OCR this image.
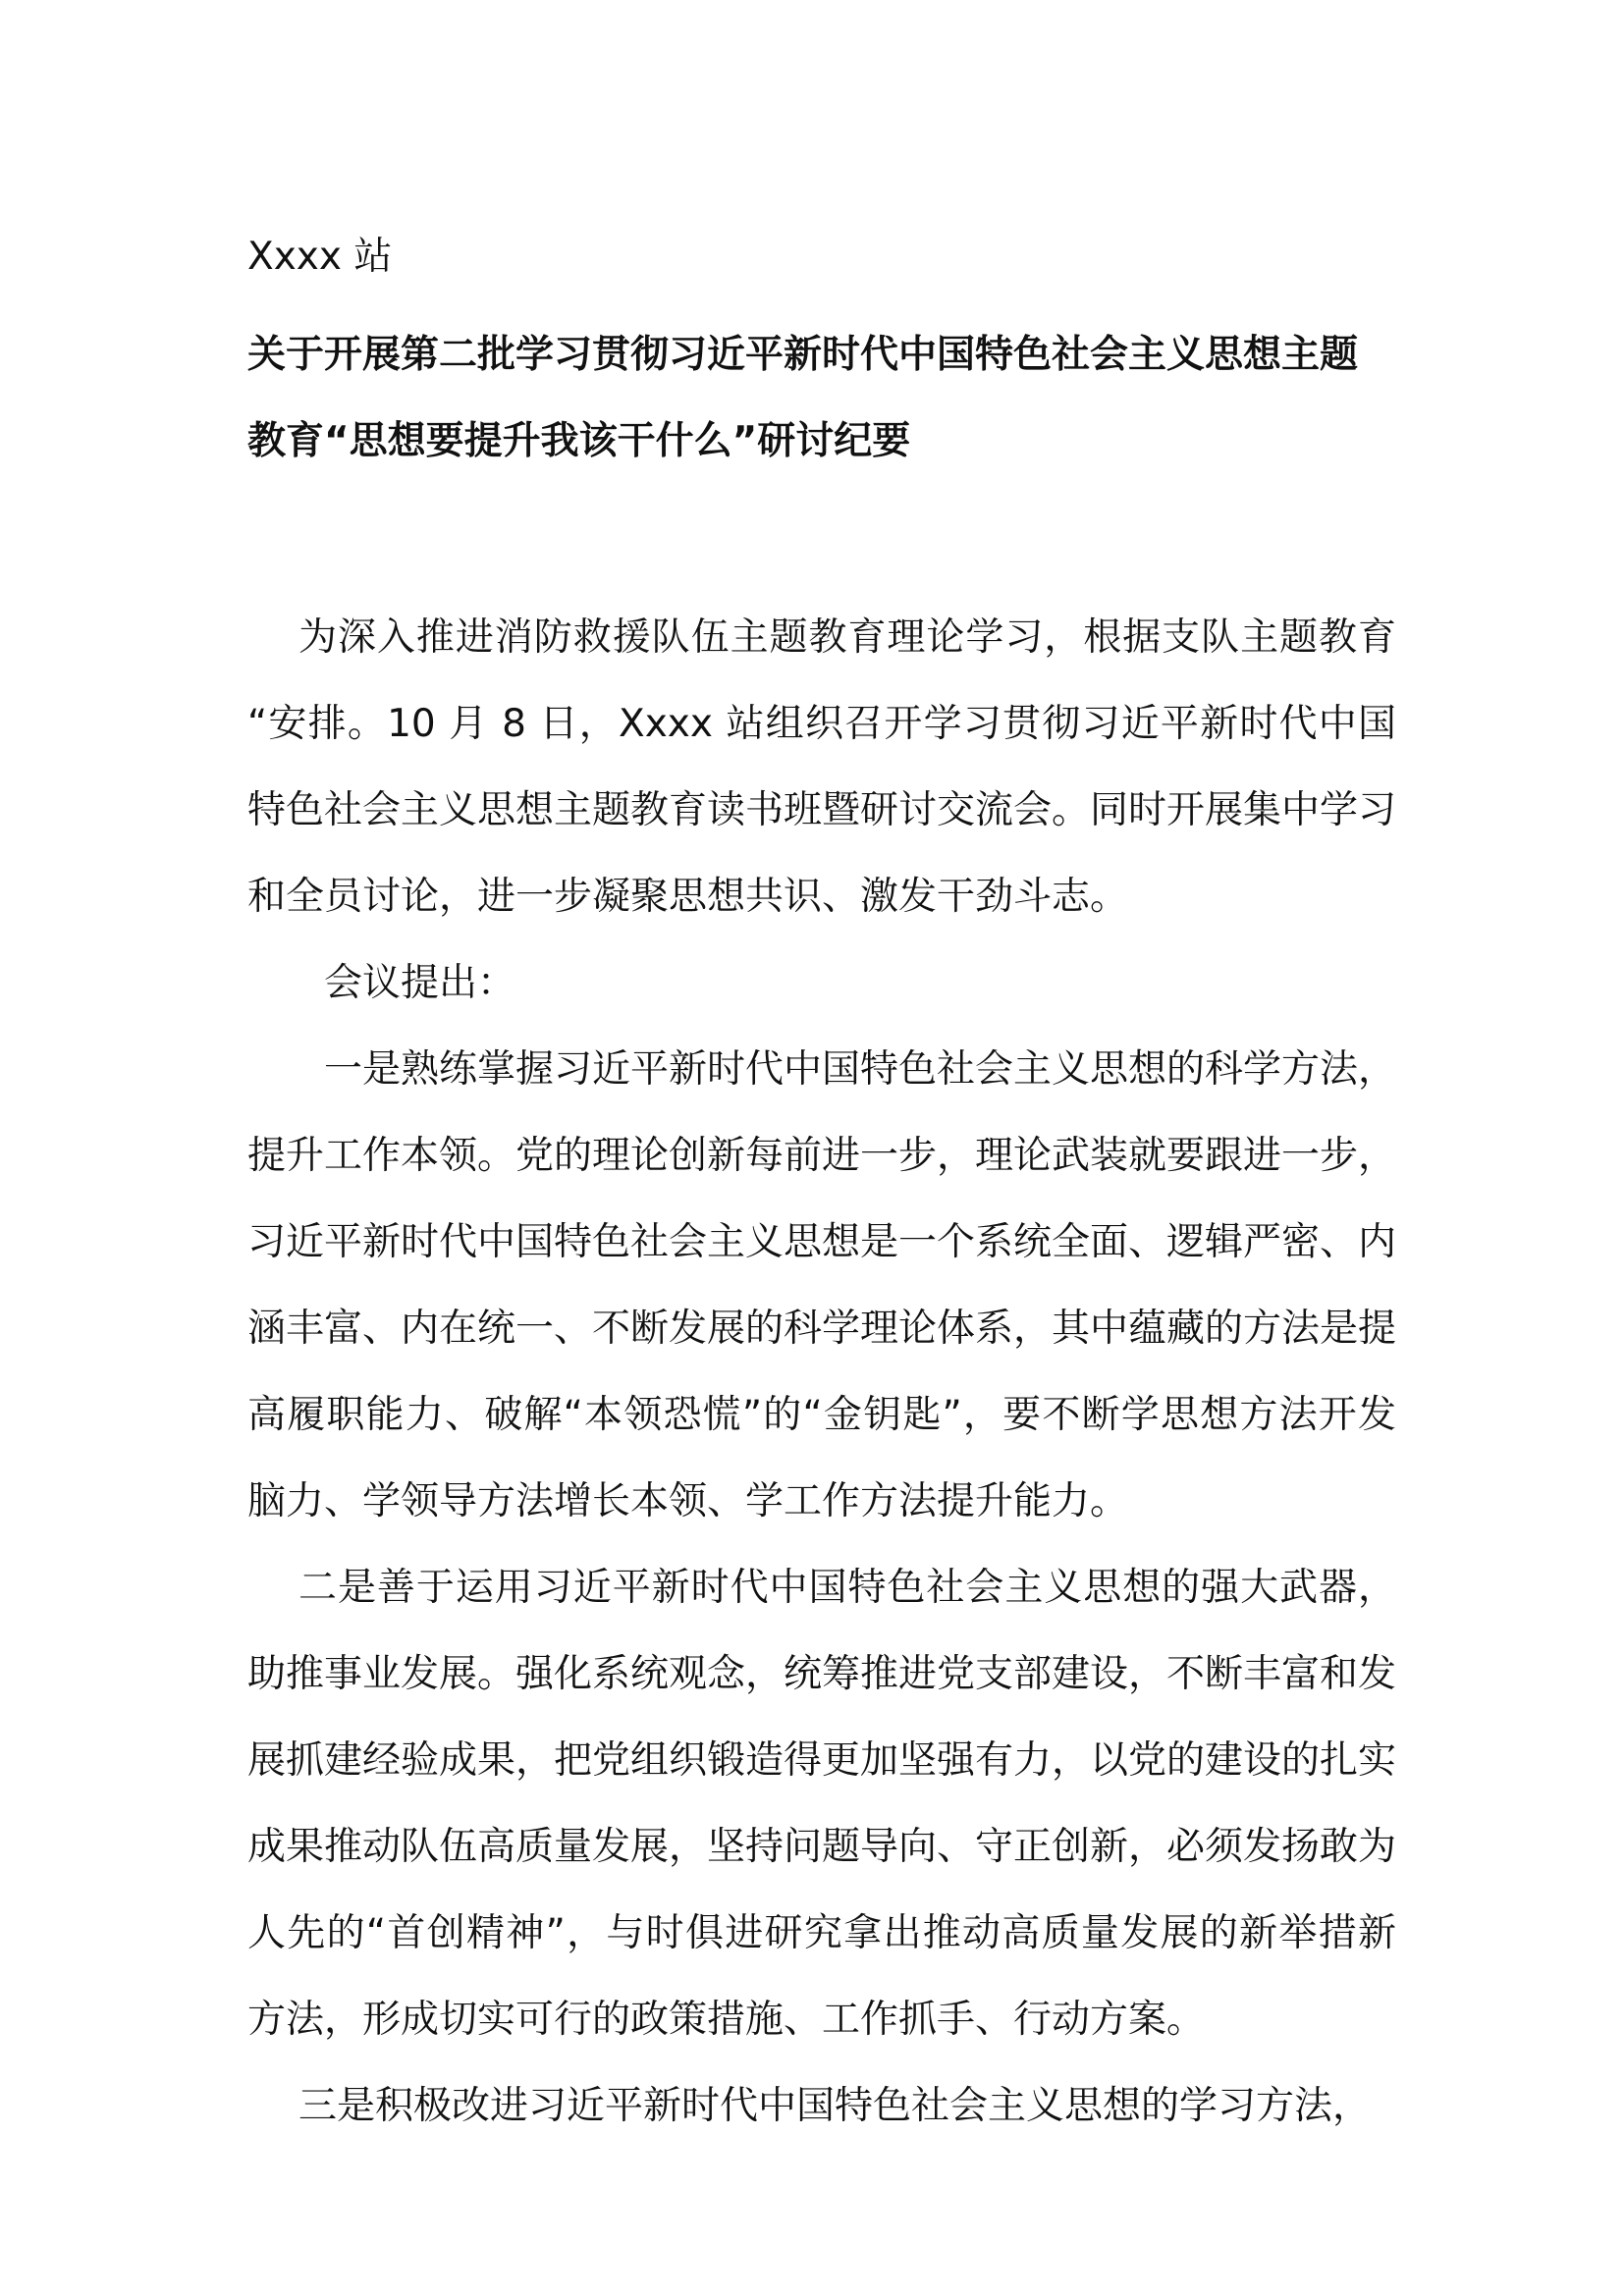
Xxxx 站
关于开展第二批学习贯彻习近平新时代中国特色社会主义思想主题
教育“思想要提升我该干什么”研讨纪要

为深入推进消防救援队伍主题教育理论学习，根据支队主题教育 “安排。10 月 8 日，Xxxx 站组织召开学习贯彻习近平新时代中国特色社会主义思想主题教育读书班暨研讨交流会。同时开展集中学习和全员讨论，进一步凝聚思想共识、激发干劲斗志。

会议提出：

一是熟练掌握习近平新时代中国特色社会主义思想的科学方法，提升工作本领。党的理论创新每前进一步，理论武装就要跟进一步，习近平新时代中国特色社会主义思想是一个系统全面、逻辑严密、内涵丰富、内在统一、不断发展的科学理论体系，其中蕴藏的方法是提高履职能力、破解“本领恐慌”的“金钥匙”，要不断学思想方法开发脑力、学领导方法增长本领、学工作方法提升能力。

二是善于运用习近平新时代中国特色社会主义思想的强大武器，助推事业发展。强化系统观念，统筹推进党支部建设，不断丰富和发展抓建经验成果，把党组织锻造得更加坚强有力，以党的建设的扎实成果推动队伍高质量发展，坚持问题导向、守正创新，必须发扬敢为人先的“首创精神”，与时俱进研究拿出推动高质量发展的新举措新方法，形成切实可行的政策措施、工作抓手、行动方案。

三是积极改进习近平新时代中国特色社会主义思想的学习方法，
